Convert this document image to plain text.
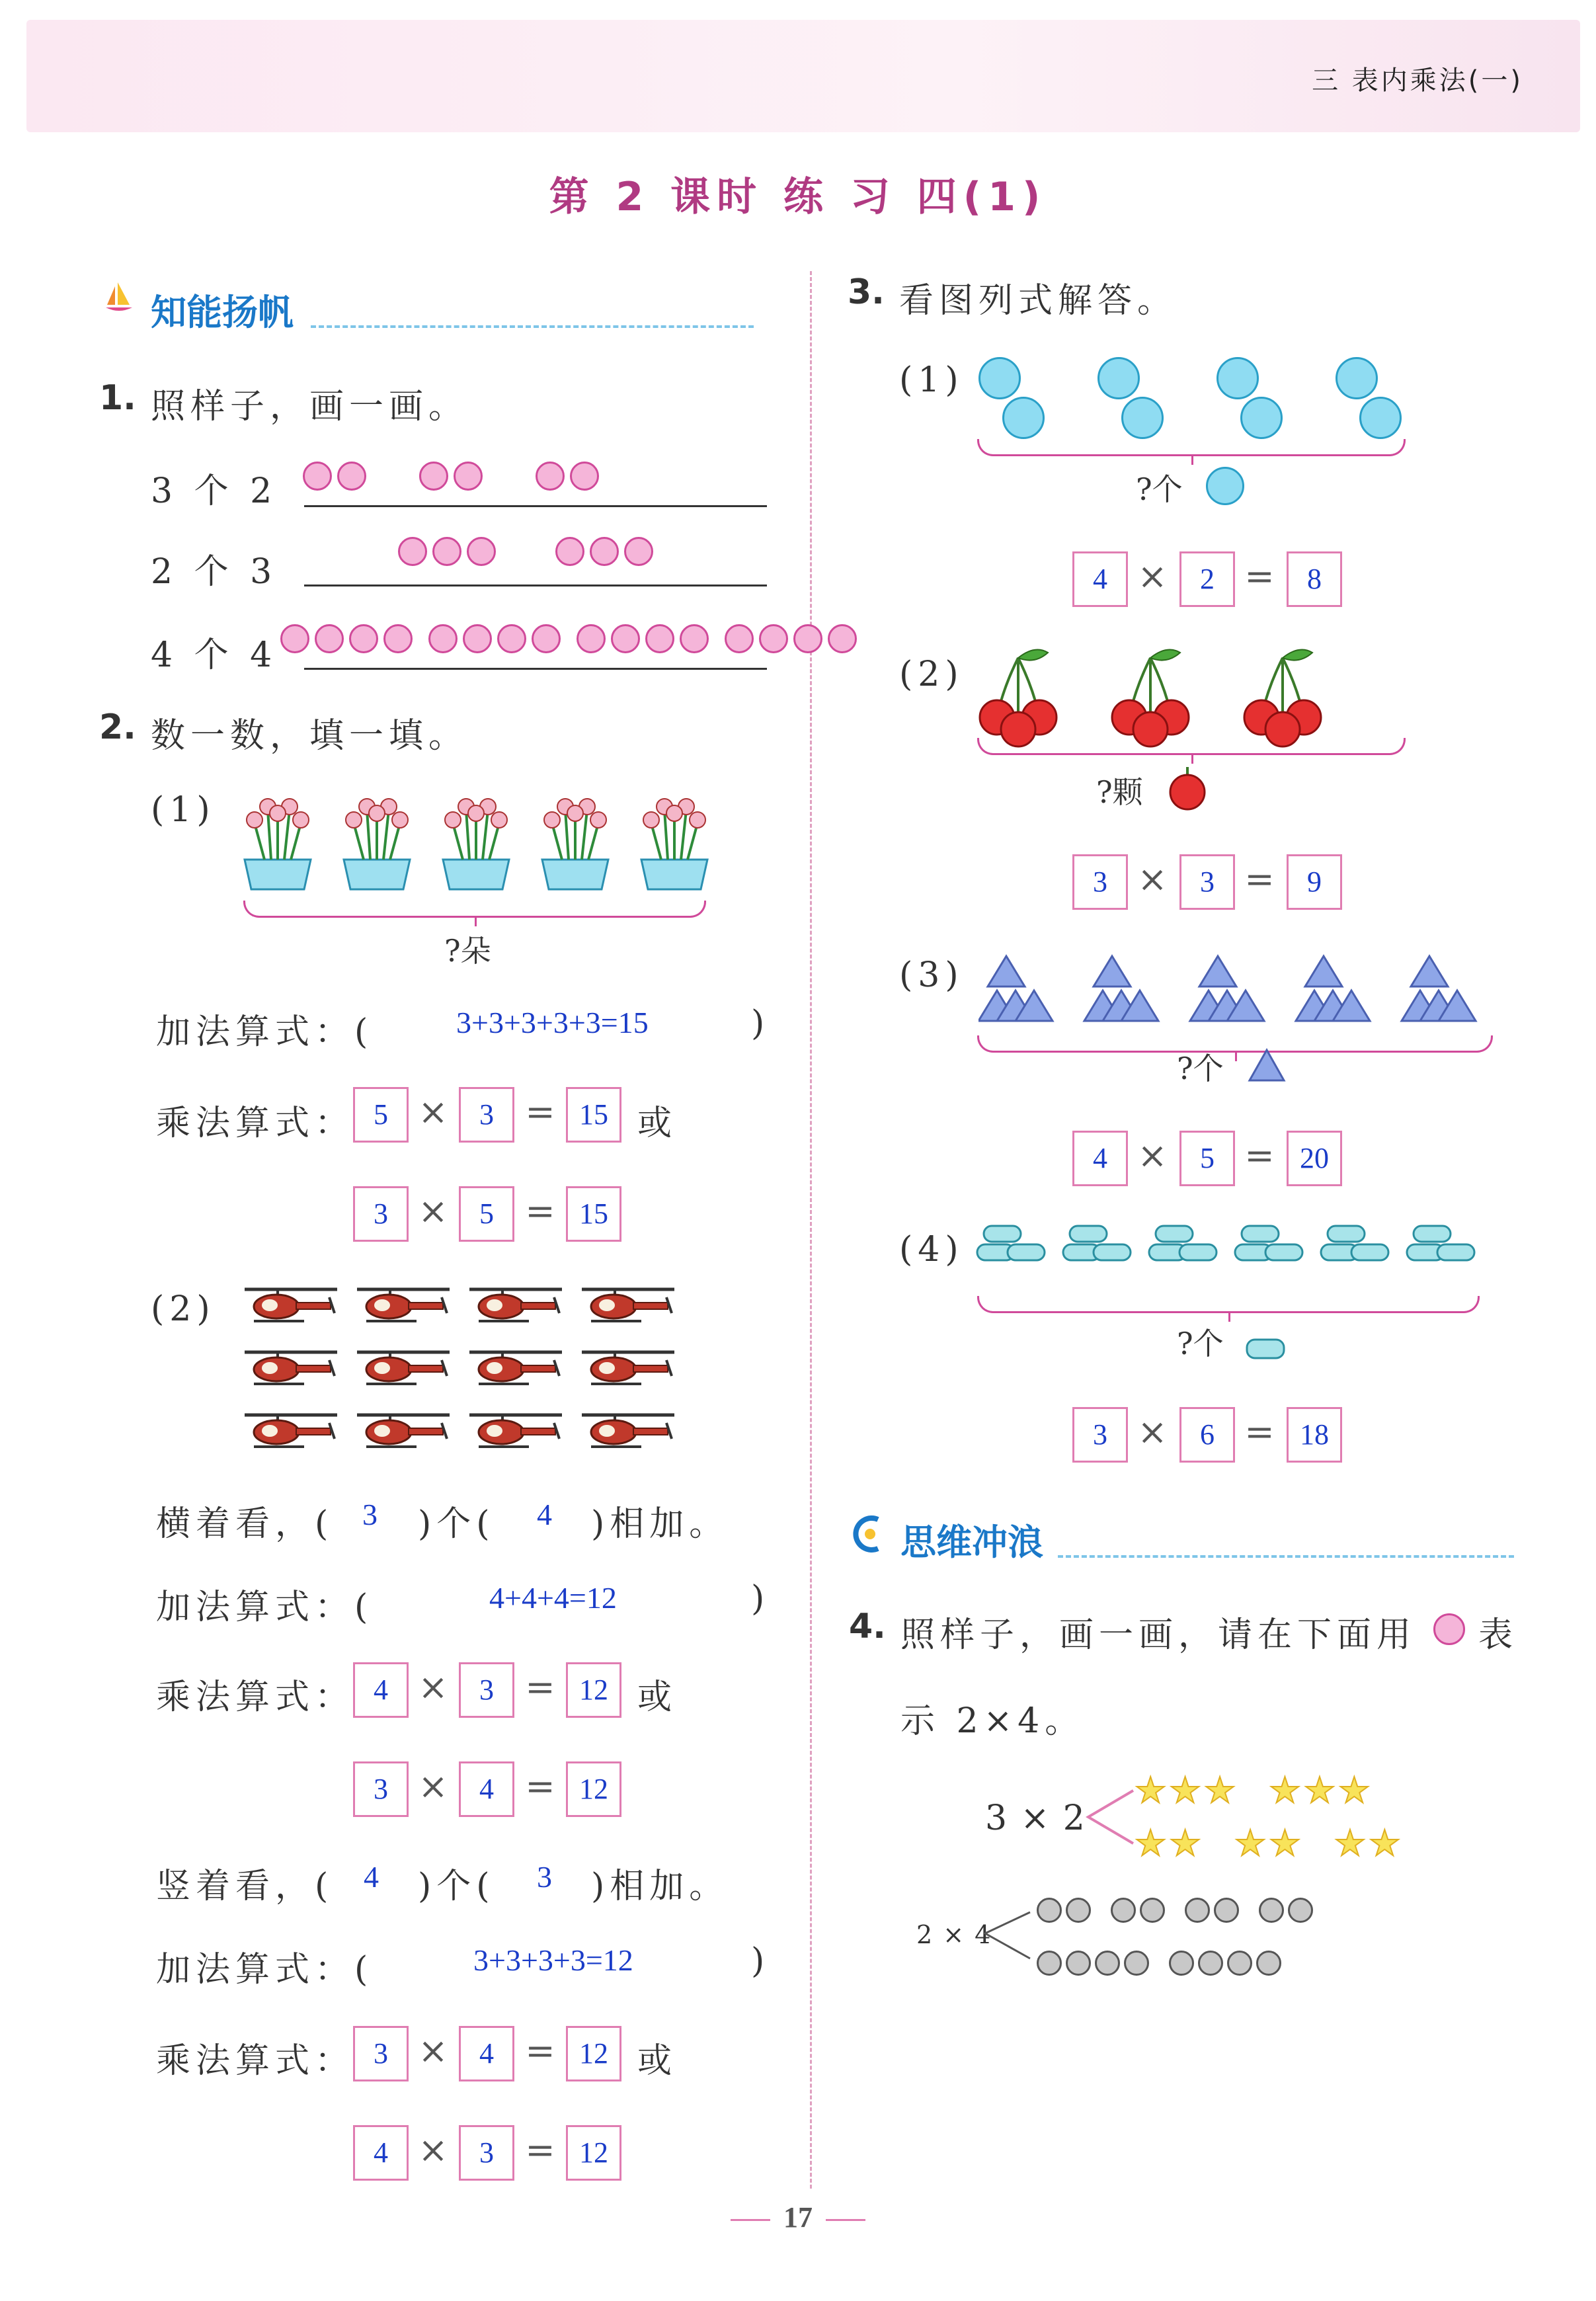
三 表内乘法(一)
第 2 课时 练 习 四(1)
知能扬帆
1. 照样子，画一画。
3 个 2
2 个 3
4 个 4
2. 数一数，填一填。
(1)
?朵
加法算式：(	3+3+3+3+3=15	)
乘法算式： 5 ×	3 = 15 或
3 ×	5 = 15
(2)
横着看，( 3 )个( 4 )相加。
加法算式：(	4+4+4=12	)
乘法算式： 4 ×	3 = 12 或
3 ×	4 = 12
竖着看，( 4 )个( 3 )相加。
加法算式：(	3+3+3+3=12	)
乘法算式： 3 ×	4 = 12 或
4 ×	3 = 12
3. 看图列式解答。
(1)
?个
4 ×	2 =	8
(2)
?颗
3 ×	3 =	9
(3)
?个
4 ×	5 = 20
(4)
?个
3 ×	6 = 18
思维冲浪
4. 照样子，画一画，请在下面用 表
示 2×4。
3 × 2
★★★ ★★★
★★ ★★ ★★
2 × 4
17
